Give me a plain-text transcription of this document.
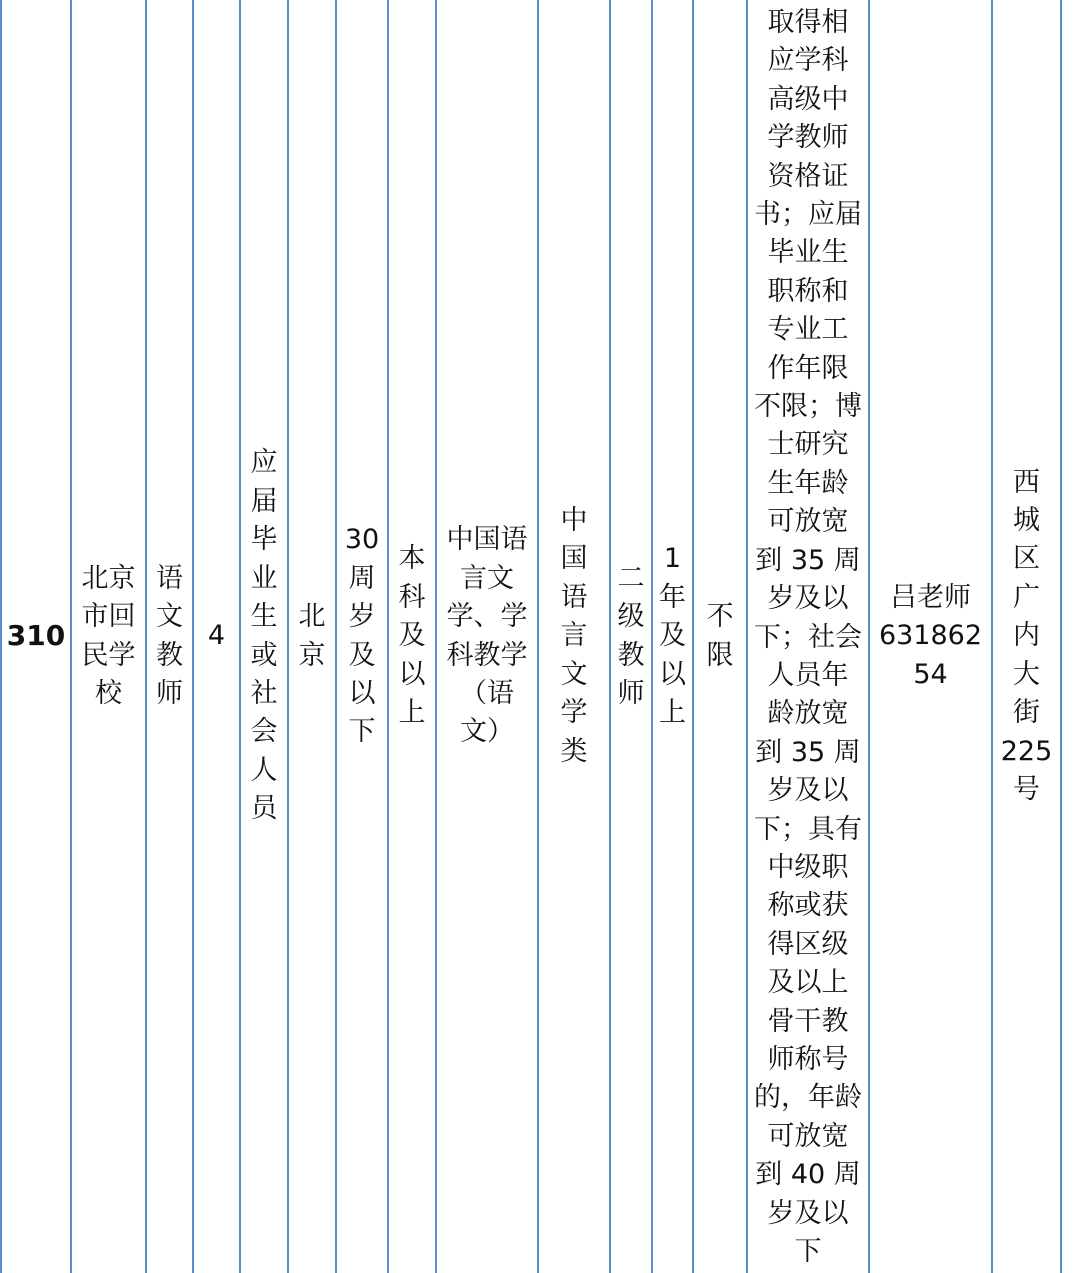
310
北京
市回
民学
校
语
文
教
师
4
应
届
毕
业
生
或
社
会
人
员
北
京
30
周
岁
及
以
下
本
科
及
以
上
中国语
言文
学、学
科教学
（语
文）
中
国
语
言
文
学
类
二
级
教
师
1
年
及
以
上
不
限
取得相
应学科
高级中
学教师
资格证
书；应届
毕业生
职称和
专业工
作年限
不限；博
士研究
生年龄
可放宽
到 35 周
岁及以
下；社会
人员年
龄放宽
到 35 周
岁及以
下；具有
中级职
称或获
得区级
及以上
骨干教
师称号
的，年龄
可放宽
到 40 周
岁及以
下
吕老师
631862
54
西
城
区
广
内
大
街
225
号
